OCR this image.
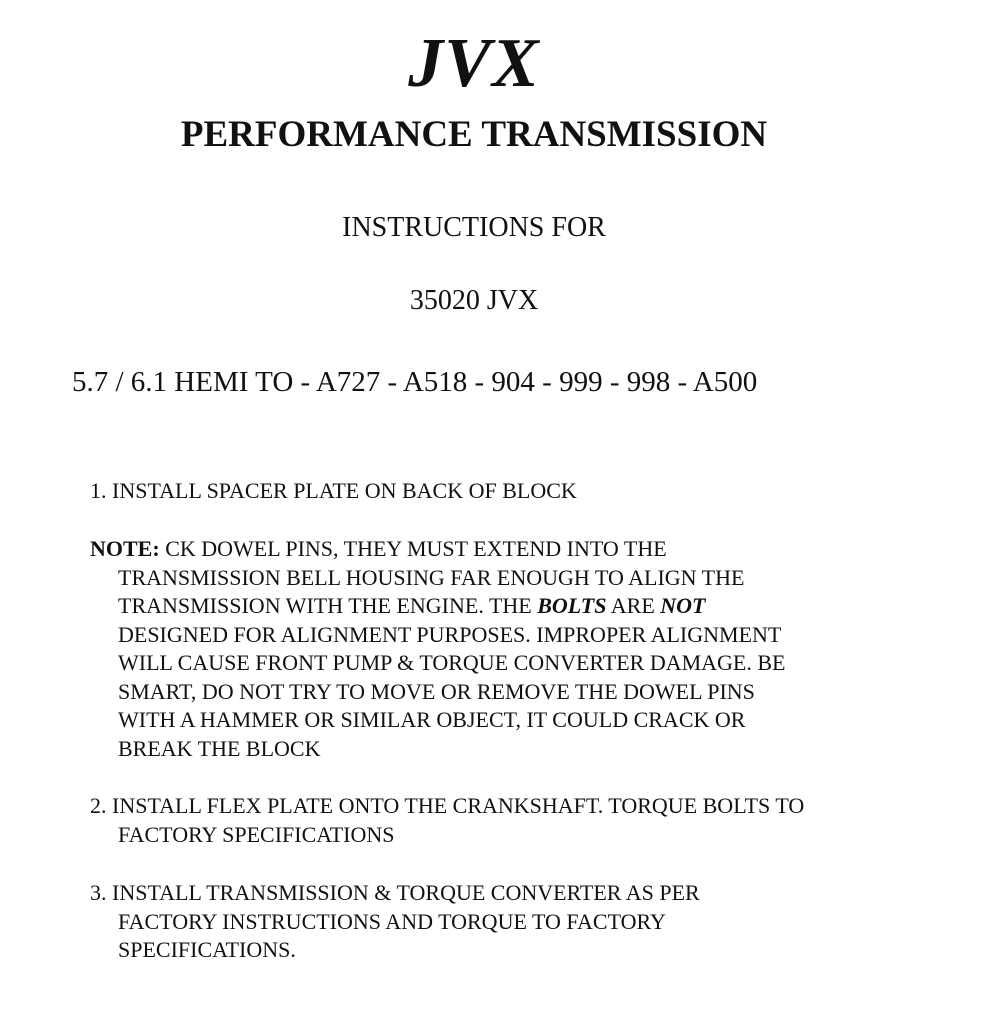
JVX
PERFORMANCE TRANSMISSION
INSTRUCTIONS FOR
35020 JVX
5.7 / 6.1 HEMI TO - A727 - A518 - 904 - 999 - 998 - A500
1. INSTALL SPACER PLATE ON BACK OF BLOCK
NOTE: CK DOWEL PINS, THEY MUST EXTEND INTO THE
TRANSMISSION BELL HOUSING FAR ENOUGH TO ALIGN THE
TRANSMISSION WITH THE ENGINE. THE BOLTS ARE NOT
DESIGNED FOR ALIGNMENT PURPOSES. IMPROPER ALIGNMENT
WILL CAUSE FRONT PUMP & TORQUE CONVERTER DAMAGE. BE
SMART, DO NOT TRY TO MOVE OR REMOVE THE DOWEL PINS
WITH A HAMMER OR SIMILAR OBJECT, IT COULD CRACK OR
BREAK THE BLOCK
2. INSTALL FLEX PLATE ONTO THE CRANKSHAFT. TORQUE BOLTS TO
FACTORY SPECIFICATIONS
3. INSTALL TRANSMISSION & TORQUE CONVERTER AS PER
FACTORY INSTRUCTIONS AND TORQUE TO FACTORY
SPECIFICATIONS.
